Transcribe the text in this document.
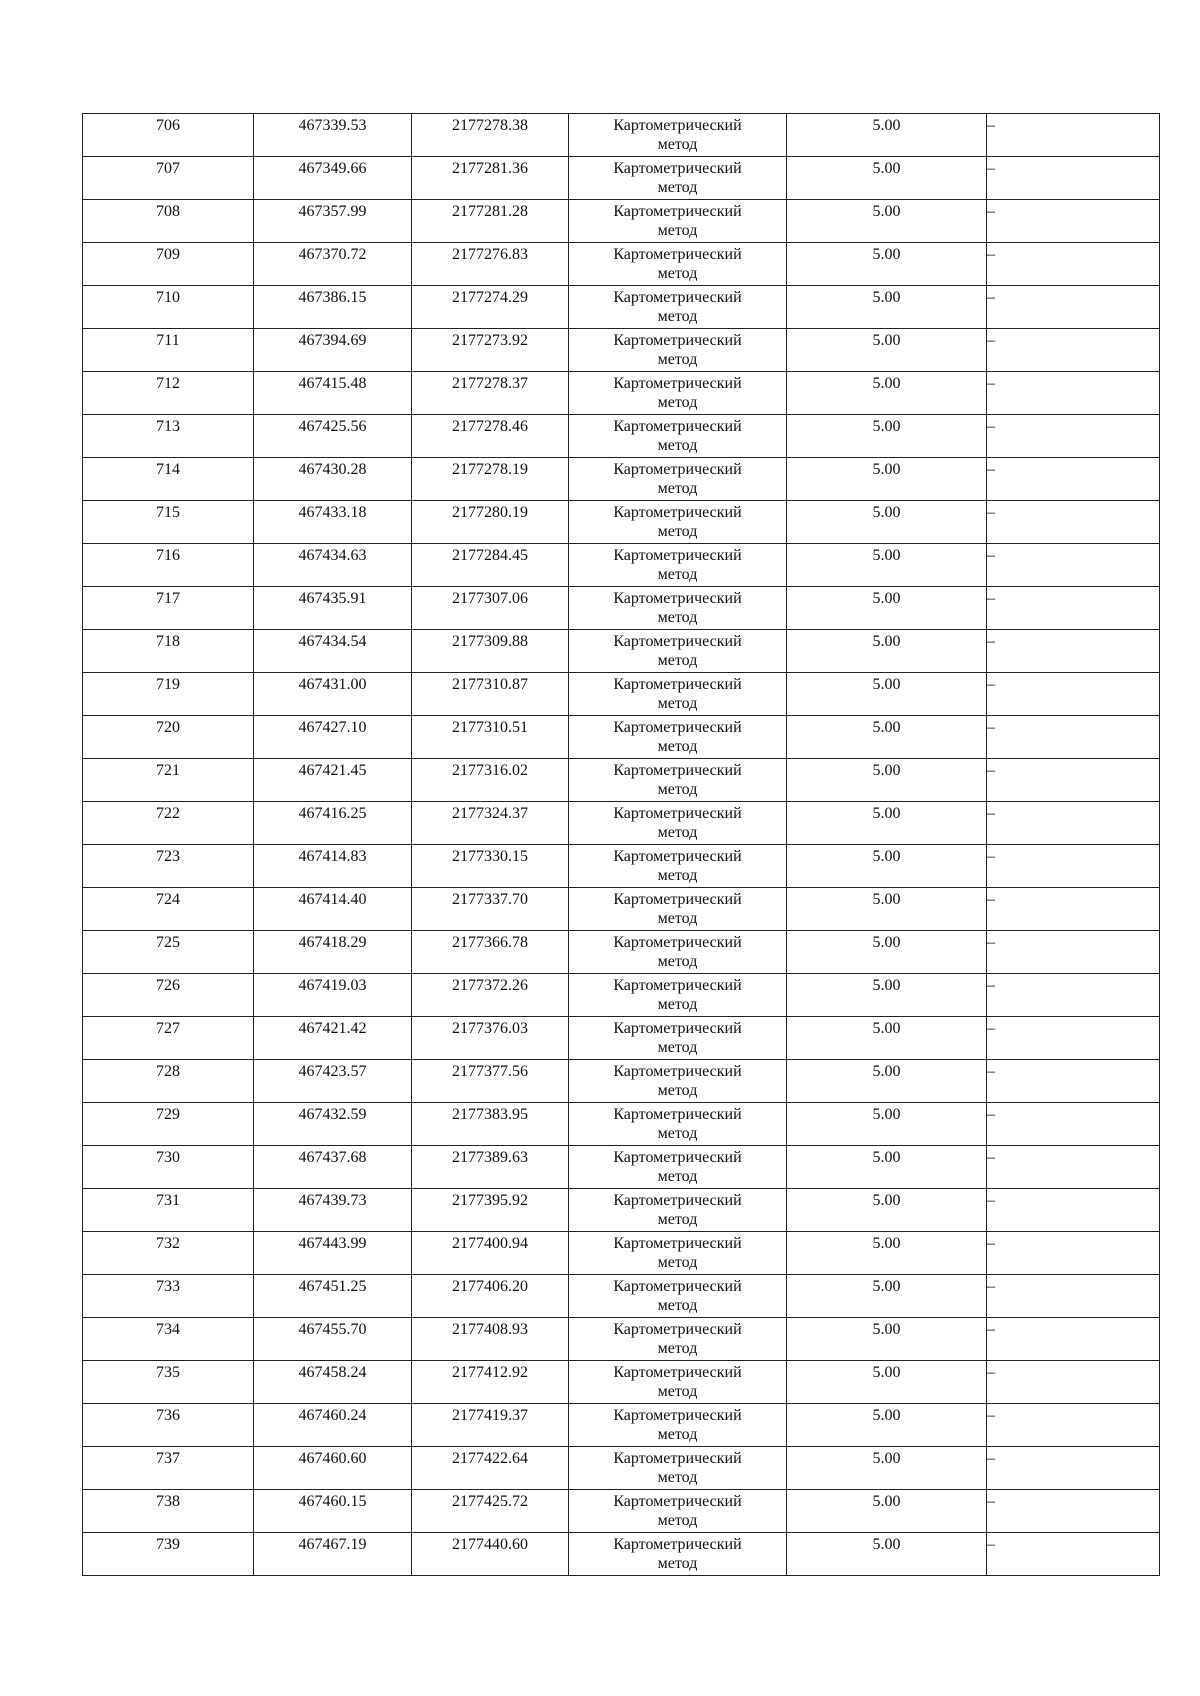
706	467339.53	2177278.38	Картометрический
метод	5.00	–

707	467349.66	2177281.36	Картометрический
метод	5.00	–

708	467357.99	2177281.28	Картометрический
метод	5.00	–

709	467370.72	2177276.83	Картометрический
метод	5.00	–

710	467386.15	2177274.29	Картометрический
метод	5.00	–

711	467394.69	2177273.92	Картометрический
метод	5.00	–

712	467415.48	2177278.37	Картометрический
метод	5.00	–

713	467425.56	2177278.46	Картометрический
метод	5.00	–

714	467430.28	2177278.19	Картометрический
метод	5.00	–

715	467433.18	2177280.19	Картометрический
метод	5.00	–

716	467434.63	2177284.45	Картометрический
метод	5.00	–

717	467435.91	2177307.06	Картометрический
метод	5.00	–

718	467434.54	2177309.88	Картометрический
метод	5.00	–

719	467431.00	2177310.87	Картометрический
метод	5.00	–

720	467427.10	2177310.51	Картометрический
метод	5.00	–

721	467421.45	2177316.02	Картометрический
метод	5.00	–

722	467416.25	2177324.37	Картометрический
метод	5.00	–

723	467414.83	2177330.15	Картометрический
метод	5.00	–

724	467414.40	2177337.70	Картометрический
метод	5.00	–

725	467418.29	2177366.78	Картометрический
метод	5.00	–

726	467419.03	2177372.26	Картометрический
метод	5.00	–

727	467421.42	2177376.03	Картометрический
метод	5.00	–

728	467423.57	2177377.56	Картометрический
метод	5.00	–

729	467432.59	2177383.95	Картометрический
метод	5.00	–

730	467437.68	2177389.63	Картометрический
метод	5.00	–

731	467439.73	2177395.92	Картометрический
метод	5.00	–

732	467443.99	2177400.94	Картометрический
метод	5.00	–

733	467451.25	2177406.20	Картометрический
метод	5.00	–

734	467455.70	2177408.93	Картометрический
метод	5.00	–

735	467458.24	2177412.92	Картометрический
метод	5.00	–

736	467460.24	2177419.37	Картометрический
метод	5.00	–

737	467460.60	2177422.64	Картометрический
метод	5.00	–

738	467460.15	2177425.72	Картометрический
метод	5.00	–

739	467467.19	2177440.60	Картометрический
метод	5.00	–
